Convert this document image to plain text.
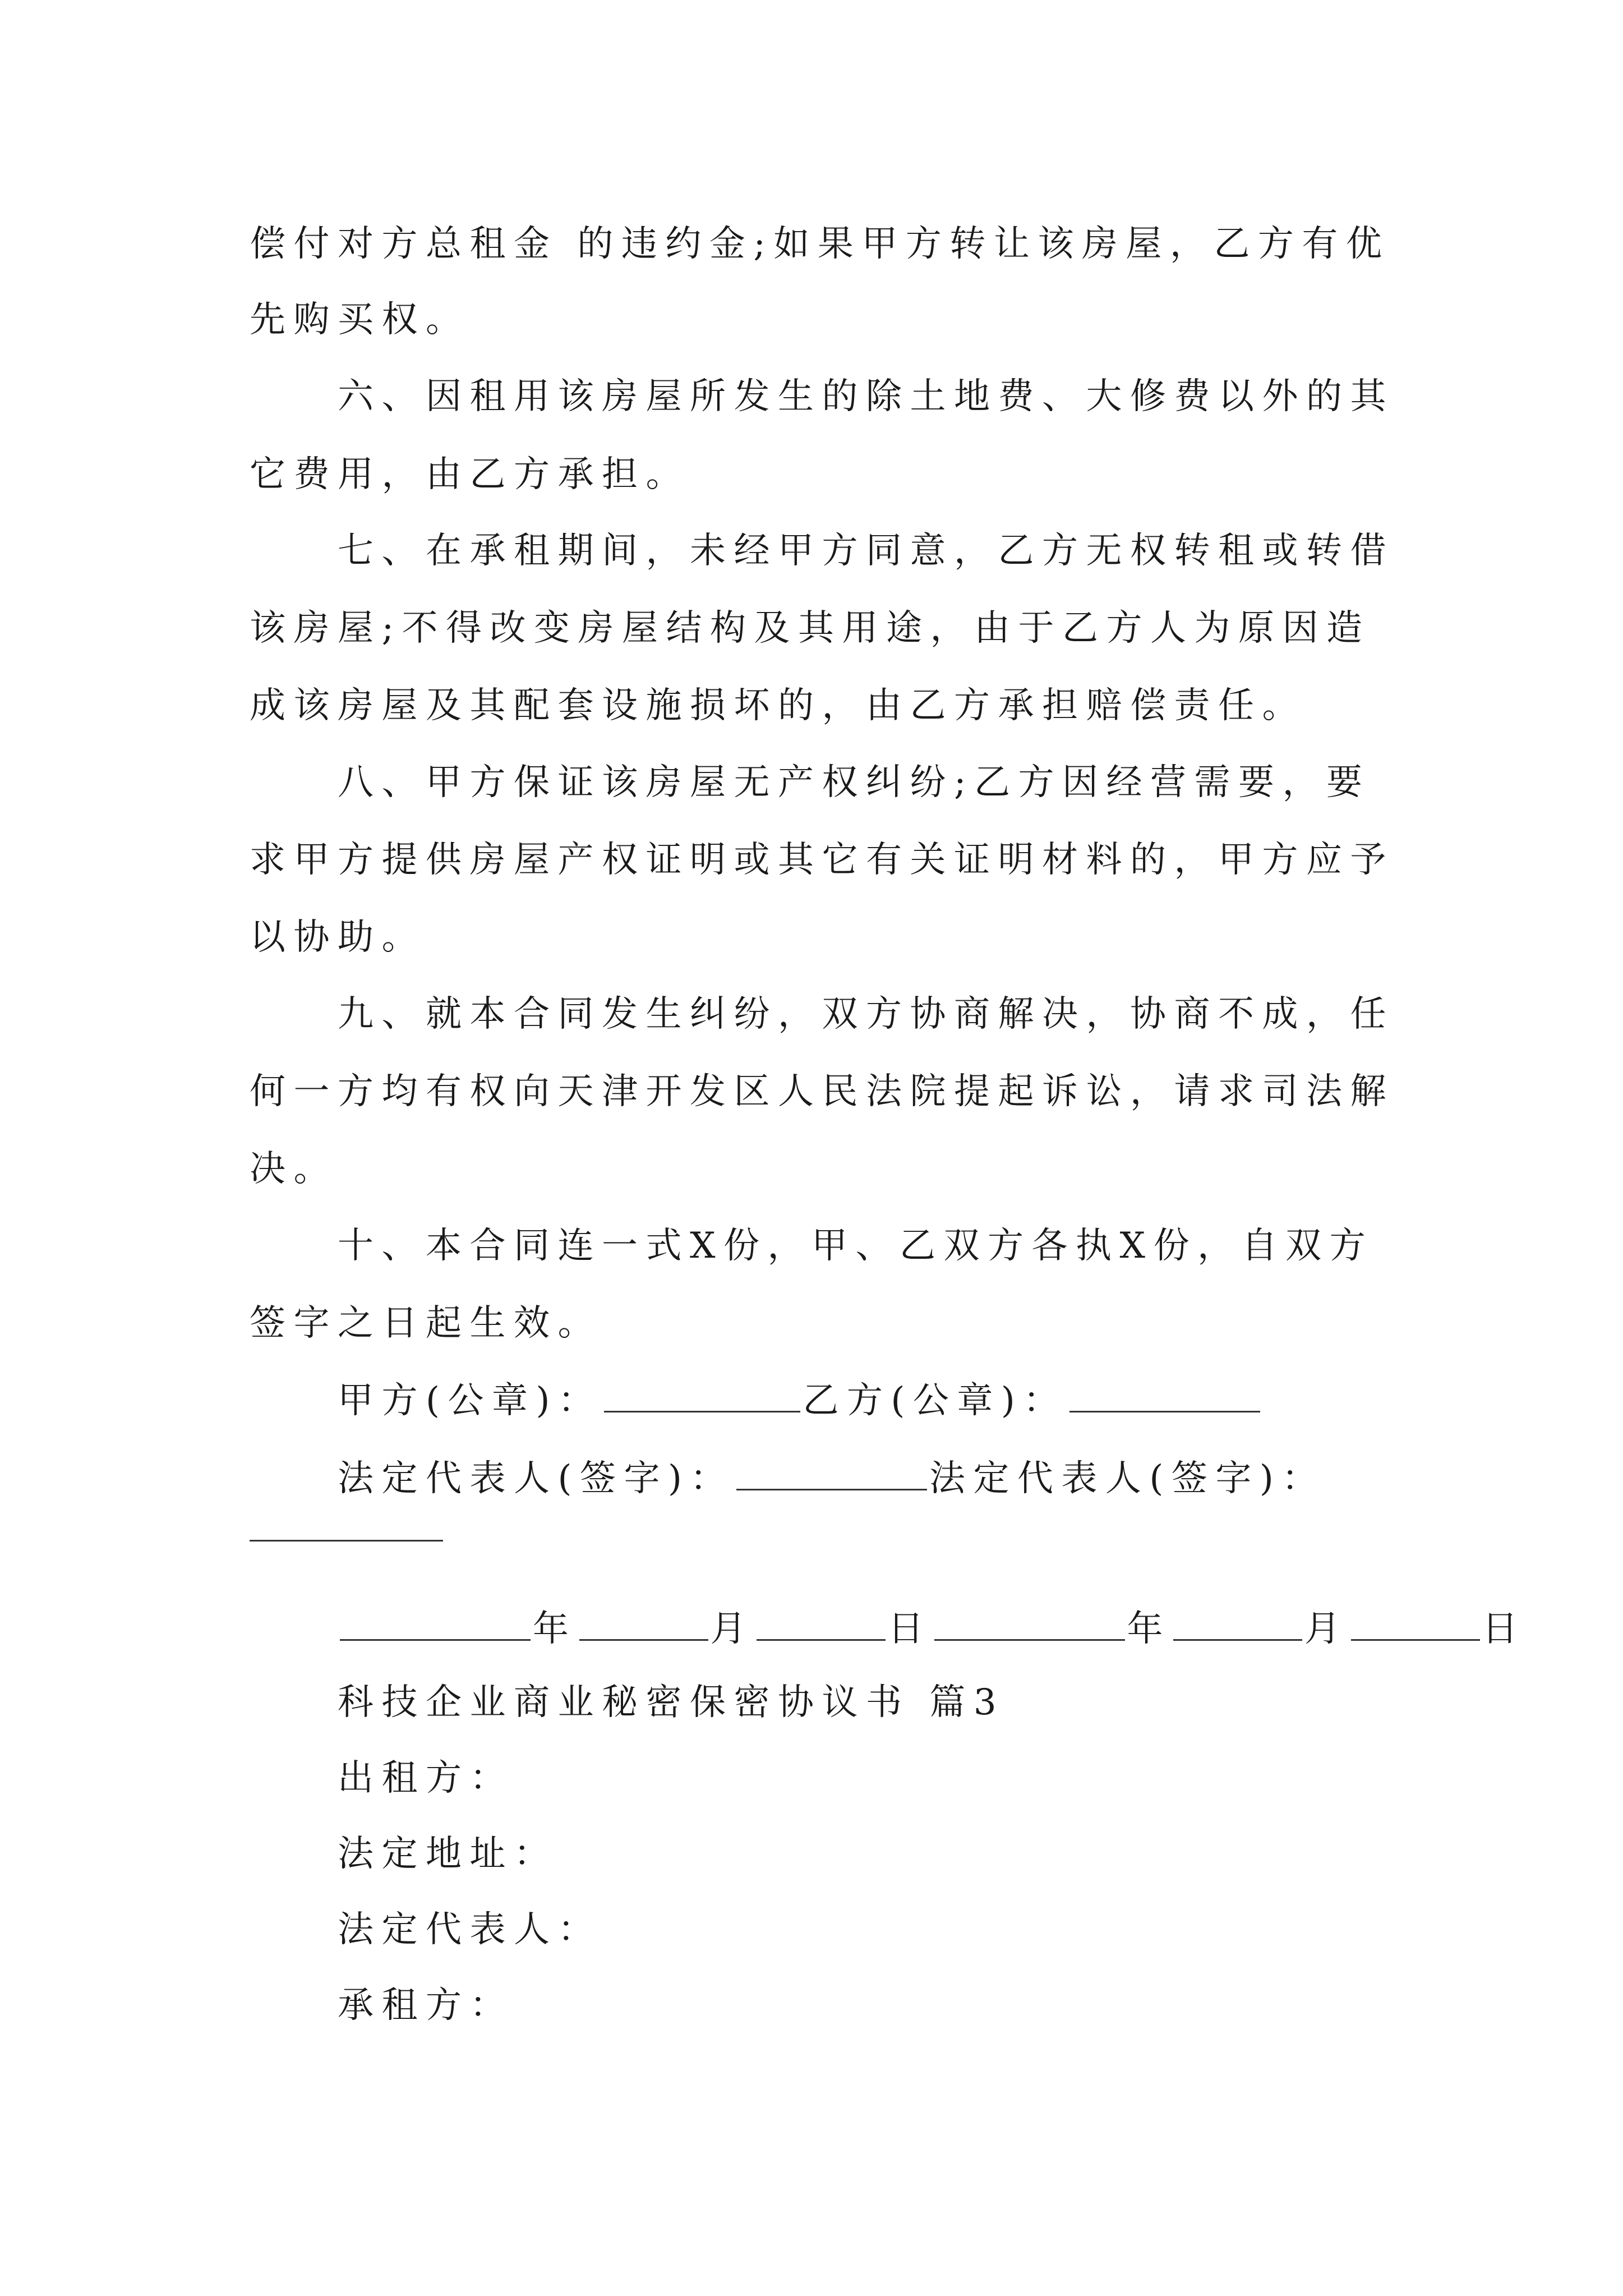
偿付对方总租金 的违约金;如果甲方转让该房屋，乙方有优
先购买权。
六、因租用该房屋所发生的除土地费、大修费以外的其
它费用，由乙方承担。
七、在承租期间，未经甲方同意，乙方无权转租或转借
该房屋;不得改变房屋结构及其用途，由于乙方人为原因造
成该房屋及其配套设施损坏的，由乙方承担赔偿责任。
八、甲方保证该房屋无产权纠纷;乙方因经营需要，要
求甲方提供房屋产权证明或其它有关证明材料的，甲方应予
以协助。
九、就本合同发生纠纷，双方协商解决，协商不成，任
何一方均有权向天津开发区人民法院提起诉讼，请求司法解
决。
十、本合同连一式X份，甲、乙双方各执X份，自双方
签字之日起生效。
甲方(公章)：	乙方(公章)：
法定代表人(签字)：	法定代表人(签字)：
年	月	日	年	月	日
科技企业商业秘密保密协议书 篇3
出租方：
法定地址：
法定代表人：
承租方：
